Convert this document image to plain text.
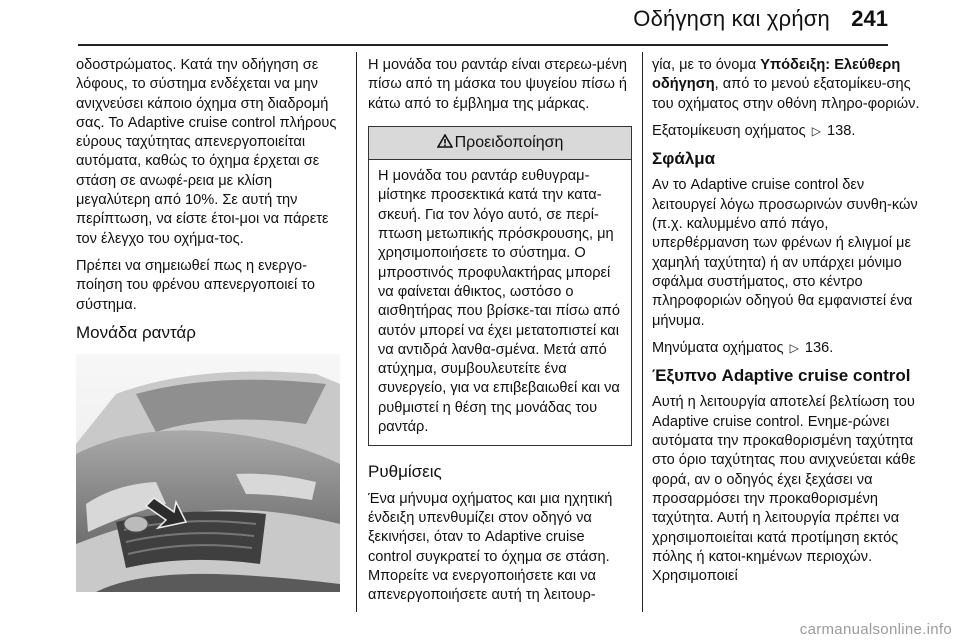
Οδήγηση και χρήση 241

οδοστρώματος. Κατά την οδήγηση σε λόφους, το σύστημα ενδέχεται να μην ανιχνεύσει κάποιο όχημα στη διαδρομή σας. Το Adaptive cruise control πλήρους εύρους ταχύτητας απενεργοποιείται αυτόματα, καθώς το όχημα έρχεται σε στάση σε ανωφέ-ρεια με κλίση μεγαλύτερη από 10%. Σε αυτή την περίπτωση, να είστε έτοι-μοι να πάρετε τον έλεγχο του οχήμα-τος.

Πρέπει να σημειωθεί πως η ενεργο-ποίηση του φρένου απενεργοποιεί το σύστημα.

Μονάδα ραντάρ

Η μονάδα του ραντάρ είναι στερεω-μένη πίσω από τη μάσκα του ψυγείου πίσω ή κάτω από το έμβλημα της μάρκας.

Προειδοποίηση
Η μονάδα του ραντάρ ευθυγραμ-μίστηκε προσεκτικά κατά την κατα-σκευή. Για τον λόγο αυτό, σε περί-πτωση μετωπικής πρόσκρουσης, μη χρησιμοποιήσετε το σύστημα. Ο μπροστινός προφυλακτήρας μπορεί να φαίνεται άθικτος, ωστόσο ο αισθητήρας που βρίσκε-ται πίσω από αυτόν μπορεί να έχει μετατοπιστεί και να αντιδρά λανθα-σμένα. Μετά από ατύχημα, συμβουλευτείτε ένα συνεργείο, για να επιβεβαιωθεί και να ρυθμιστεί η θέση της μονάδας του ραντάρ.
Ρυθμίσεις

Ένα μήνυμα οχήματος και μια ηχητική ένδειξη υπενθυμίζει στον οδηγό να ξεκινήσει, όταν το Adaptive cruise control συγκρατεί το όχημα σε στάση. Μπορείτε να ενεργοποιήσετε και να απενεργοποιήσετε αυτή τη λειτουρ-

γία, με το όνομα Υπόδειξη: Ελεύθερη οδήγηση, από το μενού εξατομίκευ-σης του οχήματος στην οθόνη πληρο-φοριών.

Εξατομίκευση οχήματος ▷ 138.

Σφάλμα

Αν το Adaptive cruise control δεν λειτουργεί λόγω προσωρινών συνθη-κών (π.χ. καλυμμένο από πάγο, υπερθέρμανση των φρένων ή ελιγμοί με χαμηλή ταχύτητα) ή αν υπάρχει μόνιμο σφάλμα συστήματος, στο κέντρο πληροφοριών οδηγού θα εμφανιστεί ένα μήνυμα.

Μηνύματα οχήματος ▷ 136.

Έξυπνο Adaptive cruise control

Αυτή η λειτουργία αποτελεί βελτίωση του Adaptive cruise control. Ενημε-ρώνει αυτόματα την προκαθορισμένη ταχύτητα στο όριο ταχύτητας που ανιχνεύεται κάθε φορά, αν ο οδηγός έχει ξεχάσει να προσαρμόσει την προκαθορισμένη ταχύτητα. Αυτή η λειτουργία πρέπει να χρησιμοποιείται κατά προτίμηση εκτός πόλης ή κατοι-κημένων περιοχών. Χρησιμοποιεί

carmanualsonline.info
